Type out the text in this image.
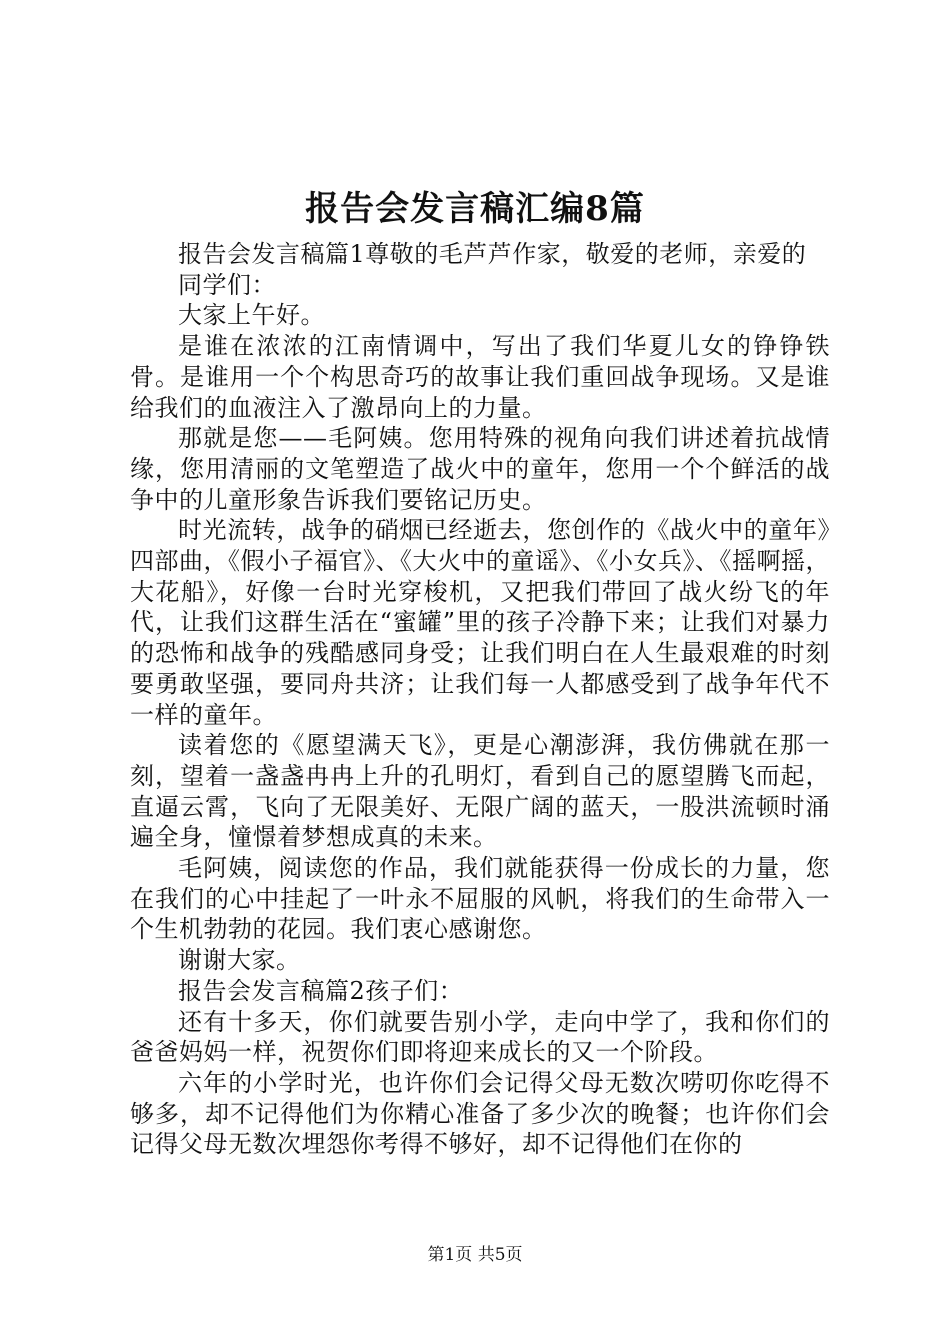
报告会发言稿汇编8篇

报告会发言稿篇1尊敬的毛芦芦作家，敬爱的老师，亲爱的

同学们：

大家上午好。

是谁在浓浓的江南情调中，写出了我们华夏儿女的铮铮铁骨。是谁用一个个构思奇巧的故事让我们重回战争现场。又是谁给我们的血液注入了激昂向上的力量。

那就是您——毛阿姨。您用特殊的视角向我们讲述着抗战情缘，您用清丽的文笔塑造了战火中的童年，您用一个个鲜活的战争中的儿童形象告诉我们要铭记历史。

时光流转，战争的硝烟已经逝去，您创作的《战火中的童年》四部曲，《假小子福官》、《大火中的童谣》、《小女兵》、《摇啊摇，大花船》，好像一台时光穿梭机，又把我们带回了战火纷飞的年代，让我们这群生活在“蜜罐”里的孩子冷静下来；让我们对暴力的恐怖和战争的残酷感同身受；让我们明白在人生最艰难的时刻要勇敢坚强，要同舟共济；让我们每一人都感受到了战争年代不一样的童年。

读着您的《愿望满天飞》，更是心潮澎湃，我仿佛就在那一刻，望着一盏盏冉冉上升的孔明灯，看到自己的愿望腾飞而起，直逼云霄，飞向了无限美好、无限广阔的蓝天，一股洪流顿时涌遍全身，憧憬着梦想成真的未来。

毛阿姨，阅读您的作品，我们就能获得一份成长的力量，您在我们的心中挂起了一叶永不屈服的风帆，将我们的生命带入一个生机勃勃的花园。我们衷心感谢您。

谢谢大家。

报告会发言稿篇2孩子们：

还有十多天，你们就要告别小学，走向中学了，我和你们的爸爸妈妈一样，祝贺你们即将迎来成长的又一个阶段。

六年的小学时光，也许你们会记得父母无数次唠叨你吃得不够多，却不记得他们为你精心准备了多少次的晚餐；也许你们会记得父母无数次埋怨你考得不够好，却不记得他们在你的

第1页 共5页
